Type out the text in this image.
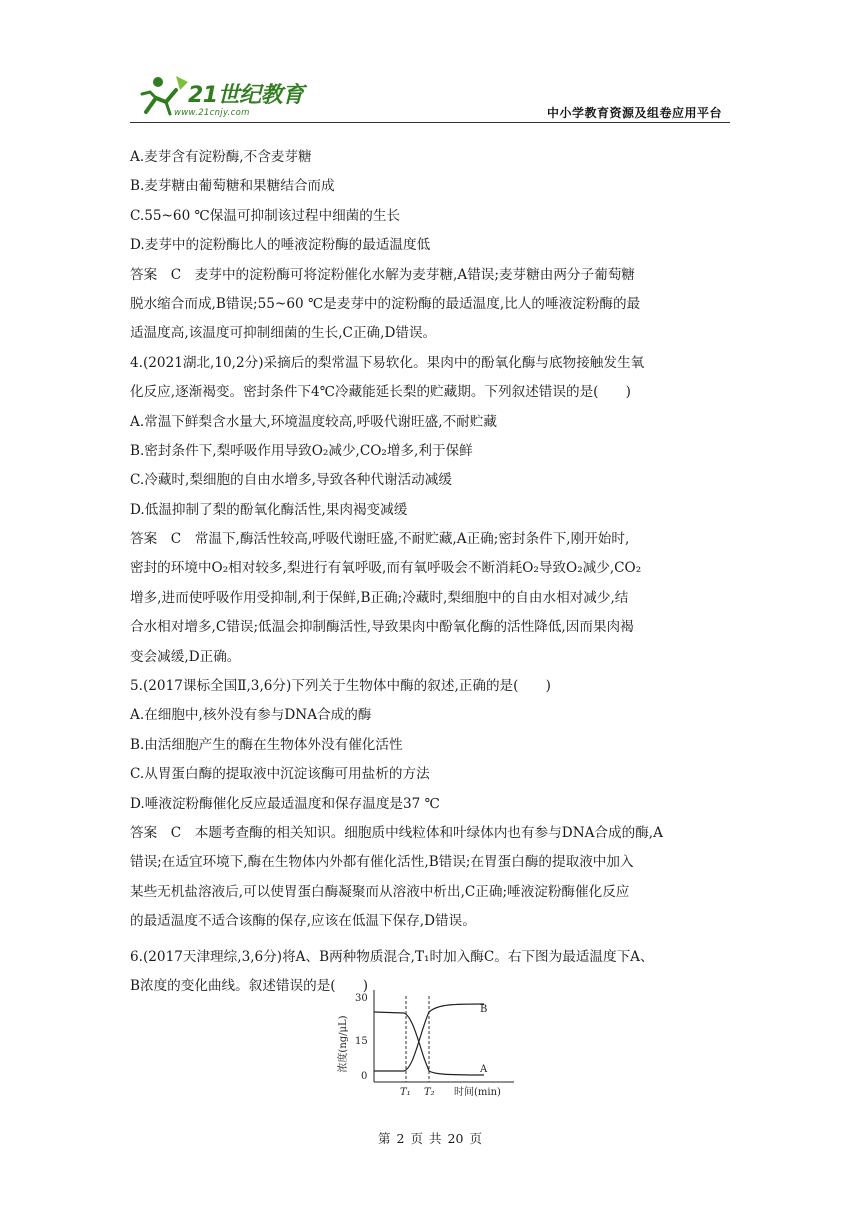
21世纪教育
www.21cnjy.com	中小学教育资源及组卷应用平台
A.麦芽含有淀粉酶,不含麦芽糖
B.麦芽糖由葡萄糖和果糖结合而成
C.55~60 ℃保温可抑制该过程中细菌的生长
D.麦芽中的淀粉酶比人的唾液淀粉酶的最适温度低
答案　C　麦芽中的淀粉酶可将淀粉催化水解为麦芽糖,A错误;麦芽糖由两分子葡萄糖
脱水缩合而成,B错误;55~60 ℃是麦芽中的淀粉酶的最适温度,比人的唾液淀粉酶的最
适温度高,该温度可抑制细菌的生长,C正确,D错误。
4.(2021湖北,10,2分)采摘后的梨常温下易软化。果肉中的酚氧化酶与底物接触发生氧
化反应,逐渐褐变。密封条件下4℃冷藏能延长梨的贮藏期。下列叙述错误的是(　　)
A.常温下鲜梨含水量大,环境温度较高,呼吸代谢旺盛,不耐贮藏
B.密封条件下,梨呼吸作用导致O₂减少,CO₂增多,利于保鲜
C.冷藏时,梨细胞的自由水增多,导致各种代谢活动减缓
D.低温抑制了梨的酚氧化酶活性,果肉褐变减缓
答案　C　常温下,酶活性较高,呼吸代谢旺盛,不耐贮藏,A正确;密封条件下,刚开始时,
密封的环境中O₂相对较多,梨进行有氧呼吸,而有氧呼吸会不断消耗O₂导致O₂减少,CO₂
增多,进而使呼吸作用受抑制,利于保鲜,B正确;冷藏时,梨细胞中的自由水相对减少,结
合水相对增多,C错误;低温会抑制酶活性,导致果肉中酚氧化酶的活性降低,因而果肉褐
变会减缓,D正确。
5.(2017课标全国Ⅱ,3,6分)下列关于生物体中酶的叙述,正确的是(　　)
A.在细胞中,核外没有参与DNA合成的酶
B.由活细胞产生的酶在生物体外没有催化活性
C.从胃蛋白酶的提取液中沉淀该酶可用盐析的方法
D.唾液淀粉酶催化反应最适温度和保存温度是37 ℃
答案　C　本题考查酶的相关知识。细胞质中线粒体和叶绿体内也有参与DNA合成的酶,A
错误;在适宜环境下,酶在生物体内外都有催化活性,B错误;在胃蛋白酶的提取液中加入
某些无机盐溶液后,可以使胃蛋白酶凝聚而从溶液中析出,C正确;唾液淀粉酶催化反应
的最适温度不适合该酶的保存,应该在低温下保存,D错误。
6.(2017天津理综,3,6分)将A、B两种物质混合,T₁时加入酶C。右下图为最适温度下A、
B浓度的变化曲线。叙述错误的是(　　)
浓度(ng/μL)
0
15
30
B
A
T₁ T₂ 时间(min)
第 2 页 共 20 页
